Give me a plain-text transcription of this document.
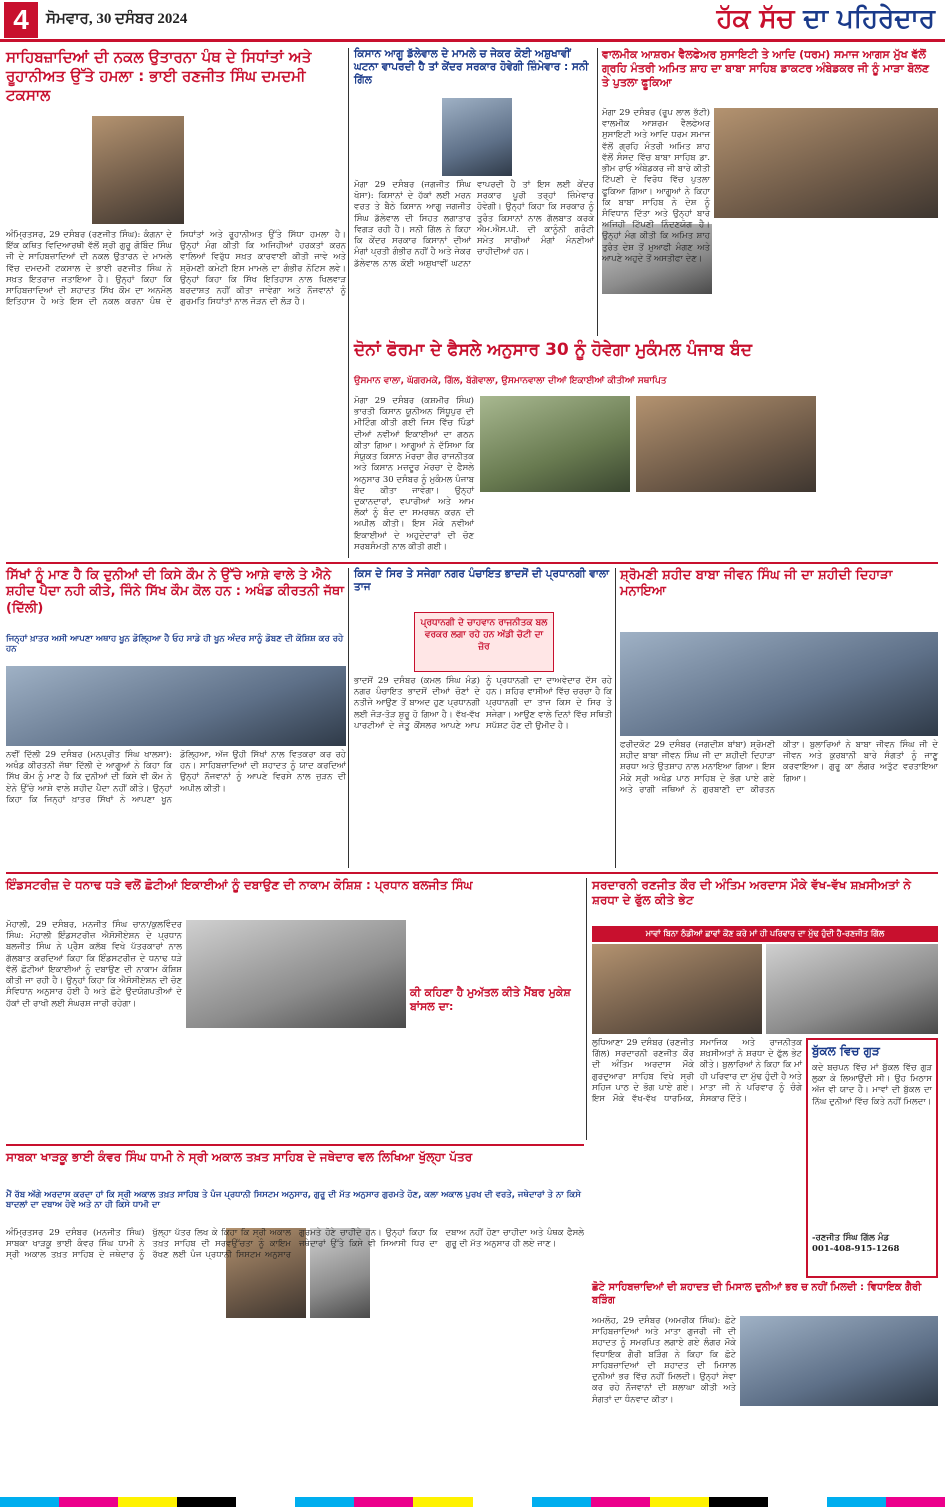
4	ਸੋਮਵਾਰ, 30 ਦਸੰਬਰ 2024	ਹੱਕ ਸੱਚ ਦਾ ਪਹਿਰੇਦਾਰ
ਸਾਹਿਬਜ਼ਾਦਿਆਂ ਦੀ ਨਕਲ ਉਤਾਰਨਾ ਪੰਥ ਦੇ ਸਿਧਾਂਤਾਂ ਅਤੇ ਰੂਹਾਨੀਅਤ ਉੱਤੇ ਹਮਲਾ : ਭਾਈ ਰਣਜੀਤ ਸਿੰਘ ਦਮਦਮੀ ਟਕਸਾਲ
ਅੰਮ੍ਰਿਤਸਰ, 29 ਦਸੰਬਰ (ਰਣਜੀਤ ਸਿੰਘ): ਕੰਗਨਾ ਦੇ ਇੱਕ ਕਥਿਤ ਵਿਦਿਆਰਥੀ ਵੱਲੋਂ ਸ਼੍ਰੀ ਗੁਰੂ ਗੋਬਿੰਦ ਸਿੰਘ ਜੀ ਦੇ ਸਾਹਿਬਜ਼ਾਦਿਆਂ ਦੀ ਨਕਲ ਉਤਾਰਨ ਦੇ ਮਾਮਲੇ ਵਿੱਚ ਦਮਦਮੀ ਟਕਸਾਲ ਦੇ ਭਾਈ ਰਣਜੀਤ ਸਿੰਘ ਨੇ ਸਖ਼ਤ ਇਤਰਾਜ਼ ਜਤਾਇਆ ਹੈ। ਉਨ੍ਹਾਂ ਕਿਹਾ ਕਿ ਸਾਹਿਬਜ਼ਾਦਿਆਂ ਦੀ ਸ਼ਹਾਦਤ ਸਿੱਖ ਕੌਮ ਦਾ ਅਨਮੋਲ ਇਤਿਹਾਸ ਹੈ ਅਤੇ ਇਸ ਦੀ ਨਕਲ ਕਰਨਾ ਪੰਥ ਦੇ ਸਿਧਾਂਤਾਂ ਅਤੇ ਰੂਹਾਨੀਅਤ ਉੱਤੇ ਸਿੱਧਾ ਹਮਲਾ ਹੈ। ਉਨ੍ਹਾਂ ਮੰਗ ਕੀਤੀ ਕਿ ਅਜਿਹੀਆਂ ਹਰਕਤਾਂ ਕਰਨ ਵਾਲਿਆਂ ਵਿਰੁੱਧ ਸਖ਼ਤ ਕਾਰਵਾਈ ਕੀਤੀ ਜਾਵੇ ਅਤੇ ਸ਼੍ਰੋਮਣੀ ਕਮੇਟੀ ਇਸ ਮਾਮਲੇ ਦਾ ਗੰਭੀਰ ਨੋਟਿਸ ਲਵੇ। ਉਨ੍ਹਾਂ ਕਿਹਾ ਕਿ ਸਿੱਖ ਇਤਿਹਾਸ ਨਾਲ ਖਿਲਵਾੜ ਬਰਦਾਸ਼ਤ ਨਹੀਂ ਕੀਤਾ ਜਾਵੇਗਾ ਅਤੇ ਨੌਜਵਾਨਾਂ ਨੂੰ ਗੁਰਮਤਿ ਸਿਧਾਂਤਾਂ ਨਾਲ ਜੋੜਨ ਦੀ ਲੋੜ ਹੈ।
ਕਿਸਾਨ ਆਗੂ ਡੱਲੇਵਾਲ ਦੇ ਮਾਮਲੇ ਚ ਜੇਕਰ ਕੋਈ ਅਸ਼ੁਖਾਵੀਂ ਘਟਨਾ ਵਾਪਰਦੀ ਹੈ ਤਾਂ ਕੇਂਦਰ ਸਰਕਾਰ ਹੋਵੇਗੀ ਜ਼ਿੰਮੇਵਾਰ : ਸਨੀ ਗਿੱਲ
ਮੋਗਾ 29 ਦਸੰਬਰ (ਜਗਜੀਤ ਸਿੰਘ ਖੋਸਾ): ਕਿਸਾਨਾਂ ਦੇ ਹੱਕਾਂ ਲਈ ਮਰਨ ਵਰਤ ਤੇ ਬੈਠੇ ਕਿਸਾਨ ਆਗੂ ਜਗਜੀਤ ਸਿੰਘ ਡੱਲੇਵਾਲ ਦੀ ਸਿਹਤ ਲਗਾਤਾਰ ਵਿਗੜ ਰਹੀ ਹੈ। ਸਨੀ ਗਿੱਲ ਨੇ ਕਿਹਾ ਕਿ ਕੇਂਦਰ ਸਰਕਾਰ ਕਿਸਾਨਾਂ ਦੀਆਂ ਮੰਗਾਂ ਪ੍ਰਤੀ ਗੰਭੀਰ ਨਹੀਂ ਹੈ ਅਤੇ ਜੇਕਰ ਡੱਲੇਵਾਲ ਨਾਲ ਕੋਈ ਅਸ਼ੁਖਾਵੀਂ ਘਟਨਾ ਵਾਪਰਦੀ ਹੈ ਤਾਂ ਇਸ ਲਈ ਕੇਂਦਰ ਸਰਕਾਰ ਪੂਰੀ ਤਰ੍ਹਾਂ ਜ਼ਿੰਮੇਵਾਰ ਹੋਵੇਗੀ। ਉਨ੍ਹਾਂ ਕਿਹਾ ਕਿ ਸਰਕਾਰ ਨੂੰ ਤੁਰੰਤ ਕਿਸਾਨਾਂ ਨਾਲ ਗੱਲਬਾਤ ਕਰਕੇ ਐਮ.ਐਸ.ਪੀ. ਦੀ ਕਾਨੂੰਨੀ ਗਰੰਟੀ ਸਮੇਤ ਸਾਰੀਆਂ ਮੰਗਾਂ ਮੰਨਣੀਆਂ ਚਾਹੀਦੀਆਂ ਹਨ।
ਵਾਲਮੀਕ ਆਸ਼ਰਮ ਵੈਲਫੇਅਰ ਸੁਸਾਇਟੀ ਤੇ ਆਦਿ (ਧਰਮ) ਸਮਾਜ ਆਗਸ ਮੁੱਖ ਵੱਲੋਂ ਗ੍ਰਹਿ ਮੰਤਰੀ ਅਮਿਤ ਸ਼ਾਹ ਦਾ ਬਾਬਾ ਸਾਹਿਬ ਡਾਕਟਰ ਅੰਬੇਡਕਰ ਜੀ ਨੂੰ ਮਾੜਾ ਬੋਲਣ ਤੇ ਪੁਤਲਾ ਫੂਕਿਆ
ਮੋਗਾ 29 ਦਸੰਬਰ (ਰੂਪ ਲਾਲ ਭੱਟੀ) ਵਾਲਮੀਕ ਆਸ਼ਰਮ ਵੈਲਫੇਅਰ ਸੁਸਾਇਟੀ ਅਤੇ ਆਦਿ ਧਰਮ ਸਮਾਜ ਵੱਲੋਂ ਗ੍ਰਹਿ ਮੰਤਰੀ ਅਮਿਤ ਸ਼ਾਹ ਵੱਲੋਂ ਸੰਸਦ ਵਿੱਚ ਬਾਬਾ ਸਾਹਿਬ ਡਾ. ਭੀਮ ਰਾਓ ਅੰਬੇਡਕਰ ਜੀ ਬਾਰੇ ਕੀਤੀ ਟਿੱਪਣੀ ਦੇ ਵਿਰੋਧ ਵਿੱਚ ਪੁਤਲਾ ਫੂਕਿਆ ਗਿਆ। ਆਗੂਆਂ ਨੇ ਕਿਹਾ ਕਿ ਬਾਬਾ ਸਾਹਿਬ ਨੇ ਦੇਸ਼ ਨੂੰ ਸੰਵਿਧਾਨ ਦਿੱਤਾ ਅਤੇ ਉਨ੍ਹਾਂ ਬਾਰੇ ਅਜਿਹੀ ਟਿੱਪਣੀ ਨਿੰਦਣਯੋਗ ਹੈ। ਉਨ੍ਹਾਂ ਮੰਗ ਕੀਤੀ ਕਿ ਅਮਿਤ ਸ਼ਾਹ ਤੁਰੰਤ ਦੇਸ਼ ਤੋਂ ਮੁਆਫੀ ਮੰਗਣ ਅਤੇ ਆਪਣੇ ਅਹੁਦੇ ਤੋਂ ਅਸਤੀਫਾ ਦੇਣ।
ਦੋਨਾਂ ਫੋਰਮਾ ਦੇ ਫੈਸਲੇ ਅਨੁਸਾਰ 30 ਨੂੰ ਹੋਵੇਗਾ ਮੁਕੰਮਲ ਪੰਜਾਬ ਬੰਦ
ਉਸਮਾਨ ਵਾਲਾ, ਘੱਗਰਮਕੇ, ਗਿੱਲ, ਬੱਗੇਵਾਲਾ, ਉਸਮਾਨਵਾਲਾ ਦੀਆਂ ਇਕਾਈਆਂ ਕੀਤੀਆਂ ਸਥਾਪਿਤ
ਮੋਗਾ 29 ਦਸੰਬਰ (ਕਸ਼ਮੀਰ ਸਿੰਘ) ਭਾਰਤੀ ਕਿਸਾਨ ਯੂਨੀਅਨ ਸਿੱਧੂਪੁਰ ਦੀ ਮੀਟਿੰਗ ਕੀਤੀ ਗਈ ਜਿਸ ਵਿੱਚ ਪਿੰਡਾਂ ਦੀਆਂ ਨਵੀਆਂ ਇਕਾਈਆਂ ਦਾ ਗਠਨ ਕੀਤਾ ਗਿਆ। ਆਗੂਆਂ ਨੇ ਦੱਸਿਆ ਕਿ ਸੰਯੁਕਤ ਕਿਸਾਨ ਮੋਰਚਾ ਗੈਰ ਰਾਜਨੀਤਕ ਅਤੇ ਕਿਸਾਨ ਮਜ਼ਦੂਰ ਮੋਰਚਾ ਦੇ ਫੈਸਲੇ ਅਨੁਸਾਰ 30 ਦਸੰਬਰ ਨੂੰ ਮੁਕੰਮਲ ਪੰਜਾਬ ਬੰਦ ਕੀਤਾ ਜਾਵੇਗਾ। ਉਨ੍ਹਾਂ ਦੁਕਾਨਦਾਰਾਂ, ਵਪਾਰੀਆਂ ਅਤੇ ਆਮ ਲੋਕਾਂ ਨੂੰ ਬੰਦ ਦਾ ਸਮਰਥਨ ਕਰਨ ਦੀ ਅਪੀਲ ਕੀਤੀ। ਇਸ ਮੌਕੇ ਨਵੀਆਂ ਇਕਾਈਆਂ ਦੇ ਅਹੁਦੇਦਾਰਾਂ ਦੀ ਚੋਣ ਸਰਬਸੰਮਤੀ ਨਾਲ ਕੀਤੀ ਗਈ।
ਸਿੱਖਾਂ ਨੂੰ ਮਾਣ ਹੈ ਕਿ ਦੁਨੀਆਂ ਦੀ ਕਿਸੇ ਕੌਮ ਨੇ ਉੱਚੇ ਆਸ਼ੇ ਵਾਲੇ ਤੇ ਐਨੇ ਸ਼ਹੀਦ ਪੈਦਾ ਨਹੀ ਕੀਤੇ, ਜਿੰਨੇ ਸਿੱਖ ਕੌਮ ਕੋਲ ਹਨ : ਅਖੰਡ ਕੀਰਤਨੀ ਜੱਥਾ (ਦਿੱਲੀ)
ਜਿਨ੍ਹਾਂ ਖ਼ਾਤਰ ਅਸੀ ਆਪਣਾ ਅਥਾਹ ਖੂਨ ਡੋਲ੍ਹਿਆ ਹੈ ਓਹ ਸਾਡੇ ਹੀ ਖੂਨ ਅੰਦਰ ਸਾਨੂੰ ਡੋਬਣ ਦੀ ਕੋਸ਼ਿਸ਼ ਕਰ ਰਹੇ ਹਨ
ਨਵੀਂ ਦਿੱਲੀ 29 ਦਸੰਬਰ (ਮਨਪ੍ਰੀਤ ਸਿੰਘ ਖਾਲਸਾ): ਅਖੰਡ ਕੀਰਤਨੀ ਜੱਥਾ ਦਿੱਲੀ ਦੇ ਆਗੂਆਂ ਨੇ ਕਿਹਾ ਕਿ ਸਿੱਖ ਕੌਮ ਨੂੰ ਮਾਣ ਹੈ ਕਿ ਦੁਨੀਆਂ ਦੀ ਕਿਸੇ ਵੀ ਕੌਮ ਨੇ ਏਨੇ ਉੱਚੇ ਆਸ਼ੇ ਵਾਲੇ ਸ਼ਹੀਦ ਪੈਦਾ ਨਹੀਂ ਕੀਤੇ। ਉਨ੍ਹਾਂ ਕਿਹਾ ਕਿ ਜਿਨ੍ਹਾਂ ਖ਼ਾਤਰ ਸਿੱਖਾਂ ਨੇ ਆਪਣਾ ਖੂਨ ਡੋਲ੍ਹਿਆ, ਅੱਜ ਉਹੀ ਸਿੱਖਾਂ ਨਾਲ ਵਿਤਕਰਾ ਕਰ ਰਹੇ ਹਨ। ਸਾਹਿਬਜ਼ਾਦਿਆਂ ਦੀ ਸ਼ਹਾਦਤ ਨੂੰ ਯਾਦ ਕਰਦਿਆਂ ਉਨ੍ਹਾਂ ਨੌਜਵਾਨਾਂ ਨੂੰ ਆਪਣੇ ਵਿਰਸੇ ਨਾਲ ਜੁੜਨ ਦੀ ਅਪੀਲ ਕੀਤੀ।
ਕਿਸ ਦੇ ਸਿਰ ਤੇ ਸਜੇਗਾ ਨਗਰ ਪੰਚਾਇਤ ਭਾਦਸੋਂ ਦੀ ਪ੍ਰਧਾਨਗੀ ਵਾਲਾ ਤਾਜ
ਪ੍ਰਧਾਨਗੀ ਦੇ ਚਾਹਵਾਨ ਰਾਜਨੀਤਕ ਬਲ ਵਰਕਰ ਲਗਾ ਰਹੇ ਹਨ ਅੱਡੀ ਚੋਟੀ ਦਾ ਜ਼ੋਰ
ਭਾਦਸੋਂ 29 ਦਸੰਬਰ (ਕਮਲ ਸਿੰਘ ਮੰਡ) ਨਗਰ ਪੰਚਾਇਤ ਭਾਦਸੋਂ ਦੀਆਂ ਚੋਣਾਂ ਦੇ ਨਤੀਜੇ ਆਉਣ ਤੋਂ ਬਾਅਦ ਹੁਣ ਪ੍ਰਧਾਨਗੀ ਲਈ ਜੋੜ-ਤੋੜ ਸ਼ੁਰੂ ਹੋ ਗਿਆ ਹੈ। ਵੱਖ-ਵੱਖ ਪਾਰਟੀਆਂ ਦੇ ਜੇਤੂ ਕੌਂਸਲਰ ਆਪਣੇ ਆਪ ਨੂੰ ਪ੍ਰਧਾਨਗੀ ਦਾ ਦਾਅਵੇਦਾਰ ਦੱਸ ਰਹੇ ਹਨ। ਸ਼ਹਿਰ ਵਾਸੀਆਂ ਵਿੱਚ ਚਰਚਾ ਹੈ ਕਿ ਪ੍ਰਧਾਨਗੀ ਦਾ ਤਾਜ ਕਿਸ ਦੇ ਸਿਰ ਤੇ ਸਜੇਗਾ। ਆਉਣ ਵਾਲੇ ਦਿਨਾਂ ਵਿੱਚ ਸਥਿਤੀ ਸਪੱਸ਼ਟ ਹੋਣ ਦੀ ਉਮੀਦ ਹੈ।
ਸ਼੍ਰੋਮਣੀ ਸ਼ਹੀਦ ਬਾਬਾ ਜੀਵਨ ਸਿੰਘ ਜੀ ਦਾ ਸ਼ਹੀਦੀ ਦਿਹਾੜਾ ਮਨਾਇਆ
ਫਰੀਦਕੋਟ 29 ਦਸੰਬਰ (ਜਗਦੀਸ਼ ਬਾਂਬਾ) ਸ਼੍ਰੋਮਣੀ ਸ਼ਹੀਦ ਬਾਬਾ ਜੀਵਨ ਸਿੰਘ ਜੀ ਦਾ ਸ਼ਹੀਦੀ ਦਿਹਾੜਾ ਸ਼ਰਧਾ ਅਤੇ ਉਤਸ਼ਾਹ ਨਾਲ ਮਨਾਇਆ ਗਿਆ। ਇਸ ਮੌਕੇ ਸ੍ਰੀ ਅਖੰਡ ਪਾਠ ਸਾਹਿਬ ਦੇ ਭੋਗ ਪਾਏ ਗਏ ਅਤੇ ਰਾਗੀ ਜਥਿਆਂ ਨੇ ਗੁਰਬਾਣੀ ਦਾ ਕੀਰਤਨ ਕੀਤਾ। ਬੁਲਾਰਿਆਂ ਨੇ ਬਾਬਾ ਜੀਵਨ ਸਿੰਘ ਜੀ ਦੇ ਜੀਵਨ ਅਤੇ ਕੁਰਬਾਨੀ ਬਾਰੇ ਸੰਗਤਾਂ ਨੂੰ ਜਾਣੂ ਕਰਵਾਇਆ। ਗੁਰੂ ਕਾ ਲੰਗਰ ਅਤੁੱਟ ਵਰਤਾਇਆ ਗਿਆ।
ਇੰਡਸਟਰੀਜ਼ ਦੇ ਧਨਾਢ ਧੜੇ ਵਲੋਂ ਛੋਟੀਆਂ ਇਕਾਈਆਂ ਨੂੰ ਦਬਾਉਣ ਦੀ ਨਾਕਾਮ ਕੋਸ਼ਿਸ਼ : ਪ੍ਰਧਾਨ ਬਲਜੀਤ ਸਿੰਘ
ਮੋਹਾਲੀ, 29 ਦਸੰਬਰ, ਮਨਜੀਤ ਸਿੰਘ ਚਾਨਾ/ਕੁਲਵਿੰਦਰ ਸਿੰਘ: ਮੋਹਾਲੀ ਇੰਡਸਟਰੀਜ਼ ਐਸੋਸੀਏਸ਼ਨ ਦੇ ਪ੍ਰਧਾਨ ਬਲਜੀਤ ਸਿੰਘ ਨੇ ਪ੍ਰੈਸ ਕਲੱਬ ਵਿਖੇ ਪੱਤਰਕਾਰਾਂ ਨਾਲ ਗੱਲਬਾਤ ਕਰਦਿਆਂ ਕਿਹਾ ਕਿ ਇੰਡਸਟਰੀਜ਼ ਦੇ ਧਨਾਢ ਧੜੇ ਵੱਲੋਂ ਛੋਟੀਆਂ ਇਕਾਈਆਂ ਨੂੰ ਦਬਾਉਣ ਦੀ ਨਾਕਾਮ ਕੋਸ਼ਿਸ਼ ਕੀਤੀ ਜਾ ਰਹੀ ਹੈ। ਉਨ੍ਹਾਂ ਕਿਹਾ ਕਿ ਐਸੋਸੀਏਸ਼ਨ ਦੀ ਚੋਣ ਸੰਵਿਧਾਨ ਅਨੁਸਾਰ ਹੋਈ ਹੈ ਅਤੇ ਛੋਟੇ ਉਦਯੋਗਪਤੀਆਂ ਦੇ ਹੱਕਾਂ ਦੀ ਰਾਖੀ ਲਈ ਸੰਘਰਸ਼ ਜਾਰੀ ਰਹੇਗਾ।
ਕੀ ਕਹਿਣਾ ਹੈ ਮੁਅੱਤਲ ਕੀਤੇ ਮੈਂਬਰ ਮੁਕੇਸ਼ ਬਾਂਸਲ ਦਾ:
ਸਰਦਾਰਨੀ ਰਣਜੀਤ ਕੌਰ ਦੀ ਅੰਤਿਮ ਅਰਦਾਸ ਮੌਕੇ ਵੱਖ-ਵੱਖ ਸ਼ਖ਼ਸੀਅਤਾਂ ਨੇ ਸ਼ਰਧਾ ਦੇ ਫੁੱਲ ਕੀਤੇ ਭੇਟ
ਮਾਵਾਂ ਬਿਨਾ ਠੰਡੀਆਂ ਛਾਵਾਂ ਕੌਣ ਕਰੇ ਮਾਂ ਹੀ ਪਰਿਵਾਰ ਦਾ ਮੁੱਢ ਹੁੰਦੀ ਹੈ-ਰਣਜੀਤ ਗਿੱਲ
ਲੁਧਿਆਣਾ 29 ਦਸੰਬਰ (ਰਣਜੀਤ ਗਿੱਲ) ਸਰਦਾਰਨੀ ਰਣਜੀਤ ਕੌਰ ਦੀ ਅੰਤਿਮ ਅਰਦਾਸ ਮੌਕੇ ਗੁਰਦੁਆਰਾ ਸਾਹਿਬ ਵਿਖੇ ਸ੍ਰੀ ਸਹਿਜ ਪਾਠ ਦੇ ਭੋਗ ਪਾਏ ਗਏ। ਇਸ ਮੌਕੇ ਵੱਖ-ਵੱਖ ਧਾਰਮਿਕ, ਸਮਾਜਿਕ ਅਤੇ ਰਾਜਨੀਤਕ ਸ਼ਖ਼ਸੀਅਤਾਂ ਨੇ ਸ਼ਰਧਾ ਦੇ ਫੁੱਲ ਭੇਟ ਕੀਤੇ। ਬੁਲਾਰਿਆਂ ਨੇ ਕਿਹਾ ਕਿ ਮਾਂ ਹੀ ਪਰਿਵਾਰ ਦਾ ਮੁੱਢ ਹੁੰਦੀ ਹੈ ਅਤੇ ਮਾਤਾ ਜੀ ਨੇ ਪਰਿਵਾਰ ਨੂੰ ਚੰਗੇ ਸੰਸਕਾਰ ਦਿੱਤੇ।
ਬੁੱਕਲ ਵਿਚ ਗੁੜ
ਕਦੇ ਬਚਪਨ ਵਿੱਚ ਮਾਂ ਬੁੱਕਲ ਵਿੱਚ ਗੁੜ ਲੁਕਾ ਕੇ ਲਿਆਉਂਦੀ ਸੀ। ਉਹ ਮਿਠਾਸ ਅੱਜ ਵੀ ਯਾਦ ਹੈ। ਮਾਵਾਂ ਦੀ ਬੁੱਕਲ ਦਾ ਨਿੱਘ ਦੁਨੀਆਂ ਵਿੱਚ ਕਿਤੇ ਨਹੀਂ ਮਿਲਦਾ।
-ਰਣਜੀਤ ਸਿੰਘ ਗਿੱਲ ਮੰਡ
001-408-915-1268
ਸਾਬਕਾ ਖਾੜਕੂ ਭਾਈ ਕੰਵਰ ਸਿੰਘ ਧਾਮੀ ਨੇ ਸ੍ਰੀ ਅਕਾਲ ਤਖ਼ਤ ਸਾਹਿਬ ਦੇ ਜਥੇਦਾਰ ਵਲ ਲਿਖਿਆ ਖੁੱਲ੍ਹਾ ਪੱਤਰ
ਮੈਂ ਰੱਬ ਅੱਗੇ ਅਰਦਾਸ ਕਰਦਾ ਹਾਂ ਕਿ ਸ੍ਰੀ ਅਕਾਲ ਤਖ਼ਤ ਸਾਹਿਬ ਤੇ ਪੰਜ ਪ੍ਰਧਾਨੀ ਸਿਸਟਮ ਅਨੁਸਾਰ, ਗੁਰੂ ਦੀ ਮੱਤ ਅਨੁਸਾਰ ਗੁਰਮਤੇ ਹੋਣ, ਕਲਾ ਅਕਾਲ ਪੁਰਖ ਦੀ ਵਰਤੇ, ਜਥੇਦਾਰਾਂ ਤੇ ਨਾ ਕਿਸੇ ਬਾਦਲਾਂ ਦਾ ਦਬਾਅ ਹੋਵੇ ਅਤੇ ਨਾ ਹੀ ਕਿਸੇ ਧਾਮੀ ਦਾ
ਅੰਮ੍ਰਿਤਸਰ 29 ਦਸੰਬਰ (ਮਨਜੀਤ ਸਿੰਘ) ਸਾਬਕਾ ਖਾੜਕੂ ਭਾਈ ਕੰਵਰ ਸਿੰਘ ਧਾਮੀ ਨੇ ਸ੍ਰੀ ਅਕਾਲ ਤਖ਼ਤ ਸਾਹਿਬ ਦੇ ਜਥੇਦਾਰ ਨੂੰ ਖੁੱਲ੍ਹਾ ਪੱਤਰ ਲਿਖ ਕੇ ਕਿਹਾ ਕਿ ਸ੍ਰੀ ਅਕਾਲ ਤਖ਼ਤ ਸਾਹਿਬ ਦੀ ਸਰਵਉੱਚਤਾ ਨੂੰ ਕਾਇਮ ਰੱਖਣ ਲਈ ਪੰਜ ਪ੍ਰਧਾਨੀ ਸਿਸਟਮ ਅਨੁਸਾਰ ਗੁਰਮਤੇ ਹੋਣੇ ਚਾਹੀਦੇ ਹਨ। ਉਨ੍ਹਾਂ ਕਿਹਾ ਕਿ ਜਥੇਦਾਰਾਂ ਉੱਤੇ ਕਿਸੇ ਵੀ ਸਿਆਸੀ ਧਿਰ ਦਾ ਦਬਾਅ ਨਹੀਂ ਹੋਣਾ ਚਾਹੀਦਾ ਅਤੇ ਪੰਥਕ ਫੈਸਲੇ ਗੁਰੂ ਦੀ ਮੱਤ ਅਨੁਸਾਰ ਹੀ ਲਏ ਜਾਣ।
ਛੋਟੇ ਸਾਹਿਬਜ਼ਾਦਿਆਂ ਦੀ ਸ਼ਹਾਦਤ ਦੀ ਮਿਸਾਲ ਦੁਨੀਆਂ ਭਰ ਚ ਨਹੀਂ ਮਿਲਦੀ : ਵਿਧਾਇਕ ਗੈਰੀ ਬੜਿੰਗ
ਅਮਲੋਹ, 29 ਦਸੰਬਰ (ਅਮਰੀਕ ਸਿੰਘ): ਛੋਟੇ ਸਾਹਿਬਜ਼ਾਦਿਆਂ ਅਤੇ ਮਾਤਾ ਗੁਜਰੀ ਜੀ ਦੀ ਸ਼ਹਾਦਤ ਨੂੰ ਸਮਰਪਿਤ ਲਗਾਏ ਗਏ ਲੰਗਰ ਮੌਕੇ ਵਿਧਾਇਕ ਗੈਰੀ ਬੜਿੰਗ ਨੇ ਕਿਹਾ ਕਿ ਛੋਟੇ ਸਾਹਿਬਜ਼ਾਦਿਆਂ ਦੀ ਸ਼ਹਾਦਤ ਦੀ ਮਿਸਾਲ ਦੁਨੀਆਂ ਭਰ ਵਿੱਚ ਨਹੀਂ ਮਿਲਦੀ। ਉਨ੍ਹਾਂ ਸੇਵਾ ਕਰ ਰਹੇ ਨੌਜਵਾਨਾਂ ਦੀ ਸ਼ਲਾਘਾ ਕੀਤੀ ਅਤੇ ਸੰਗਤਾਂ ਦਾ ਧੰਨਵਾਦ ਕੀਤਾ।
